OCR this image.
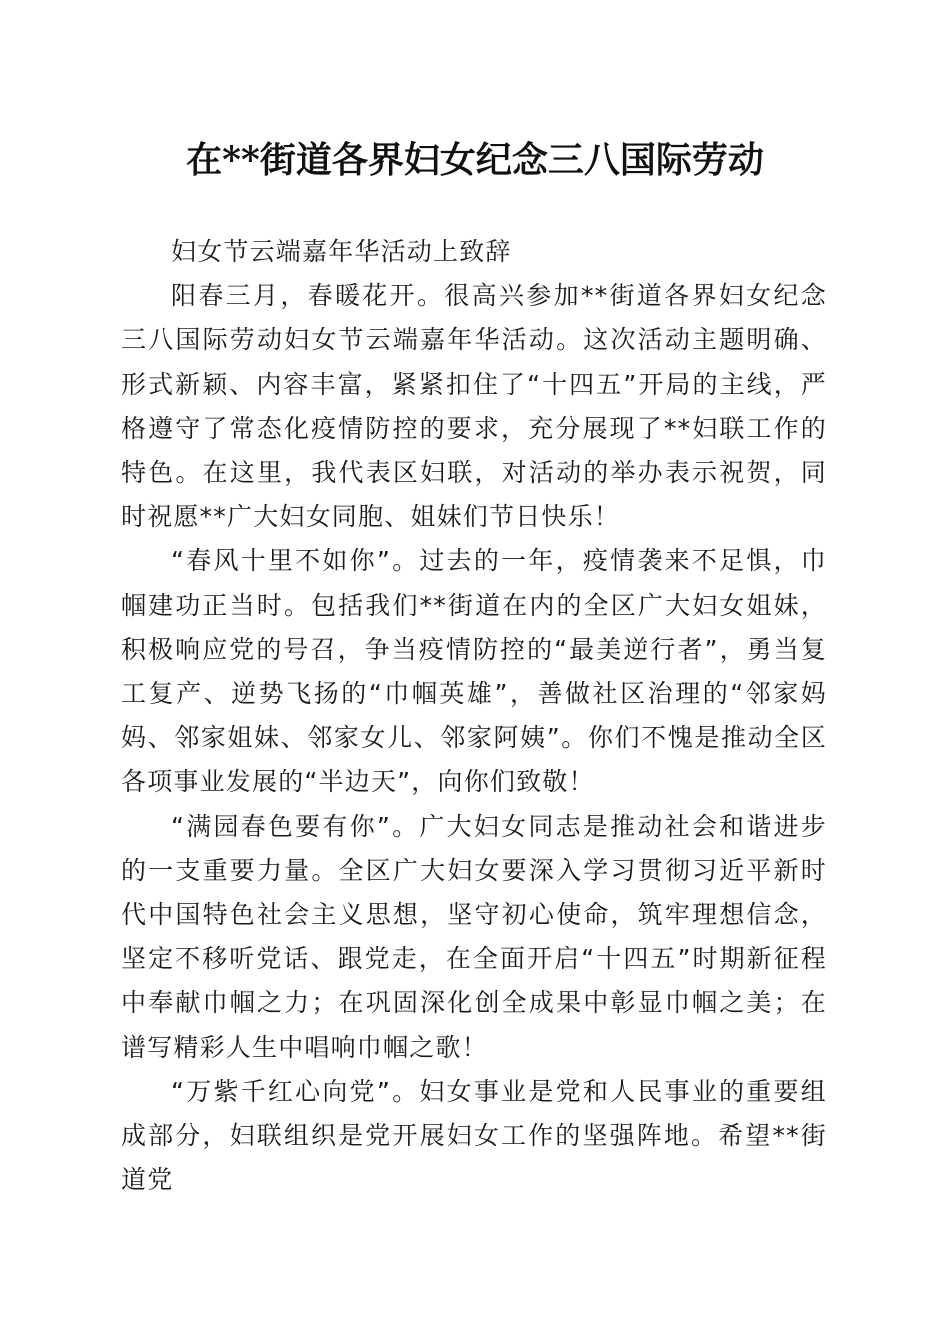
在**街道各界妇女纪念三八国际劳动

妇女节云端嘉年华活动上致辞

阳春三月，春暖花开。很高兴参加**街道各界妇女纪念三八国际劳动妇女节云端嘉年华活动。这次活动主题明确、形式新颖、内容丰富，紧紧扣住了“十四五”开局的主线，严格遵守了常态化疫情防控的要求，充分展现了**妇联工作的特色。在这里，我代表区妇联，对活动的举办表示祝贺，同时祝愿**广大妇女同胞、姐妹们节日快乐！

“春风十里不如你”。过去的一年，疫情袭来不足惧，巾帼建功正当时。包括我们**街道在内的全区广大妇女姐妹，积极响应党的号召，争当疫情防控的“最美逆行者”，勇当复工复产、逆势飞扬的“巾帼英雄”，善做社区治理的“邻家妈妈、邻家姐妹、邻家女儿、邻家阿姨”。你们不愧是推动全区各项事业发展的“半边天”，向你们致敬！

“满园春色要有你”。广大妇女同志是推动社会和谐进步的一支重要力量。全区广大妇女要深入学习贯彻习近平新时代中国特色社会主义思想，坚守初心使命，筑牢理想信念，坚定不移听党话、跟党走，在全面开启“十四五”时期新征程中奉献巾帼之力；在巩固深化创全成果中彰显巾帼之美；在谱写精彩人生中唱响巾帼之歌！

“万紫千红心向党”。妇女事业是党和人民事业的重要组成部分，妇联组织是党开展妇女工作的坚强阵地。希望**街道党
